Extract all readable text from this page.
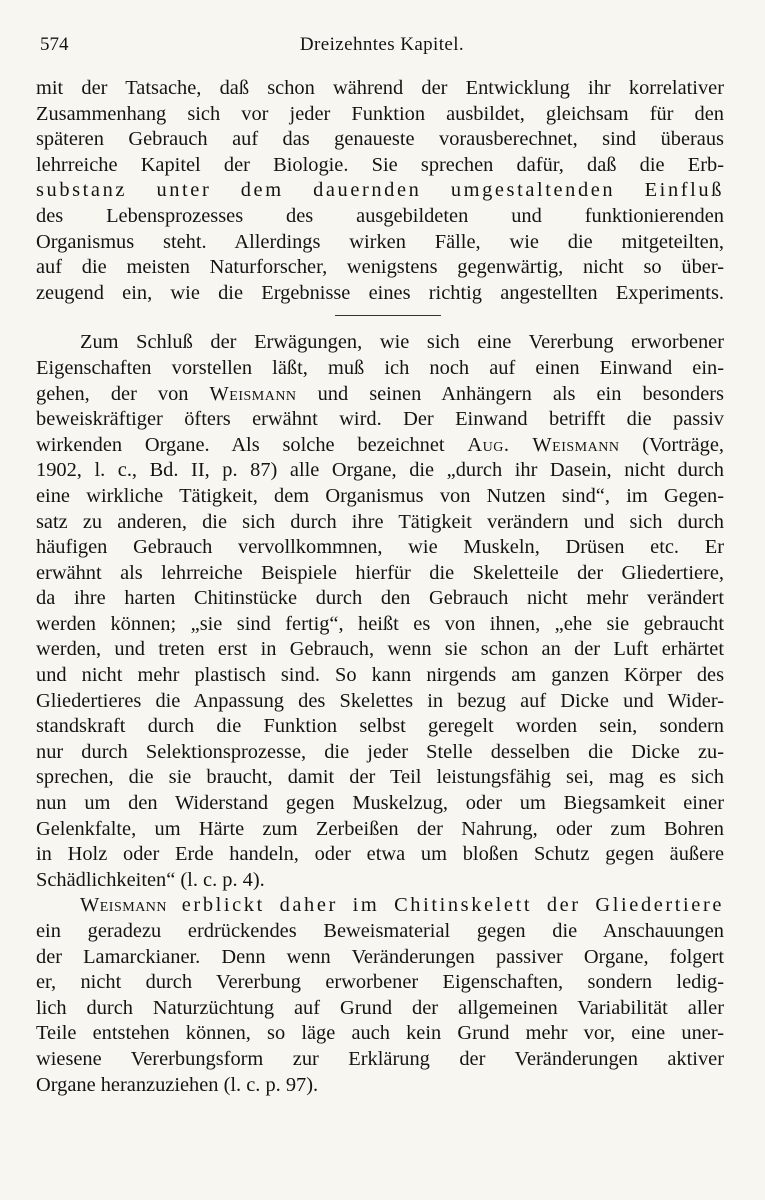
574	Dreizehntes Kapitel.

mit der Tatsache, daß schon während der Entwicklung ihr korrelativer
Zusammenhang sich vor jeder Funktion ausbildet, gleichsam für den
späteren Gebrauch auf das genaueste vorausberechnet, sind überaus
lehrreiche Kapitel der Biologie. Sie sprechen dafür, daß die Erb-
substanz unter dem dauernden umgestaltenden Einfluß
des Lebensprozesses des ausgebildeten und funktionierenden
Organismus steht. Allerdings wirken Fälle, wie die mitgeteilten,
auf die meisten Naturforscher, wenigstens gegenwärtig, nicht so über-
zeugend ein, wie die Ergebnisse eines richtig angestellten Experiments.

Zum Schluß der Erwägungen, wie sich eine Vererbung erworbener
Eigenschaften vorstellen läßt, muß ich noch auf einen Einwand ein-
gehen, der von Weismann und seinen Anhängern als ein besonders
beweiskräftiger öfters erwähnt wird. Der Einwand betrifft die passiv
wirkenden Organe. Als solche bezeichnet Aug. Weismann (Vorträge,
1902, l. c., Bd. II, p. 87) alle Organe, die „durch ihr Dasein, nicht durch
eine wirkliche Tätigkeit, dem Organismus von Nutzen sind“, im Gegen-
satz zu anderen, die sich durch ihre Tätigkeit verändern und sich durch
häufigen Gebrauch vervollkommnen, wie Muskeln, Drüsen etc. Er
erwähnt als lehrreiche Beispiele hierfür die Skeletteile der Gliedertiere,
da ihre harten Chitinstücke durch den Gebrauch nicht mehr verändert
werden können; „sie sind fertig“, heißt es von ihnen, „ehe sie gebraucht
werden, und treten erst in Gebrauch, wenn sie schon an der Luft erhärtet
und nicht mehr plastisch sind. So kann nirgends am ganzen Körper des
Gliedertieres die Anpassung des Skelettes in bezug auf Dicke und Wider-
standskraft durch die Funktion selbst geregelt worden sein, sondern
nur durch Selektionsprozesse, die jeder Stelle desselben die Dicke zu-
sprechen, die sie braucht, damit der Teil leistungsfähig sei, mag es sich
nun um den Widerstand gegen Muskelzug, oder um Biegsamkeit einer
Gelenkfalte, um Härte zum Zerbeißen der Nahrung, oder zum Bohren
in Holz oder Erde handeln, oder etwa um bloßen Schutz gegen äußere
Schädlichkeiten“ (l. c. p. 4).

Weismann erblickt daher im Chitinskelett der Gliedertiere
ein geradezu erdrückendes Beweismaterial gegen die Anschauungen
der Lamarckianer. Denn wenn Veränderungen passiver Organe, folgert
er, nicht durch Vererbung erworbener Eigenschaften, sondern ledig-
lich durch Naturzüchtung auf Grund der allgemeinen Variabilität aller
Teile entstehen können, so läge auch kein Grund mehr vor, eine uner-
wiesene Vererbungsform zur Erklärung der Veränderungen aktiver
Organe heranzuziehen (l. c. p. 97).
